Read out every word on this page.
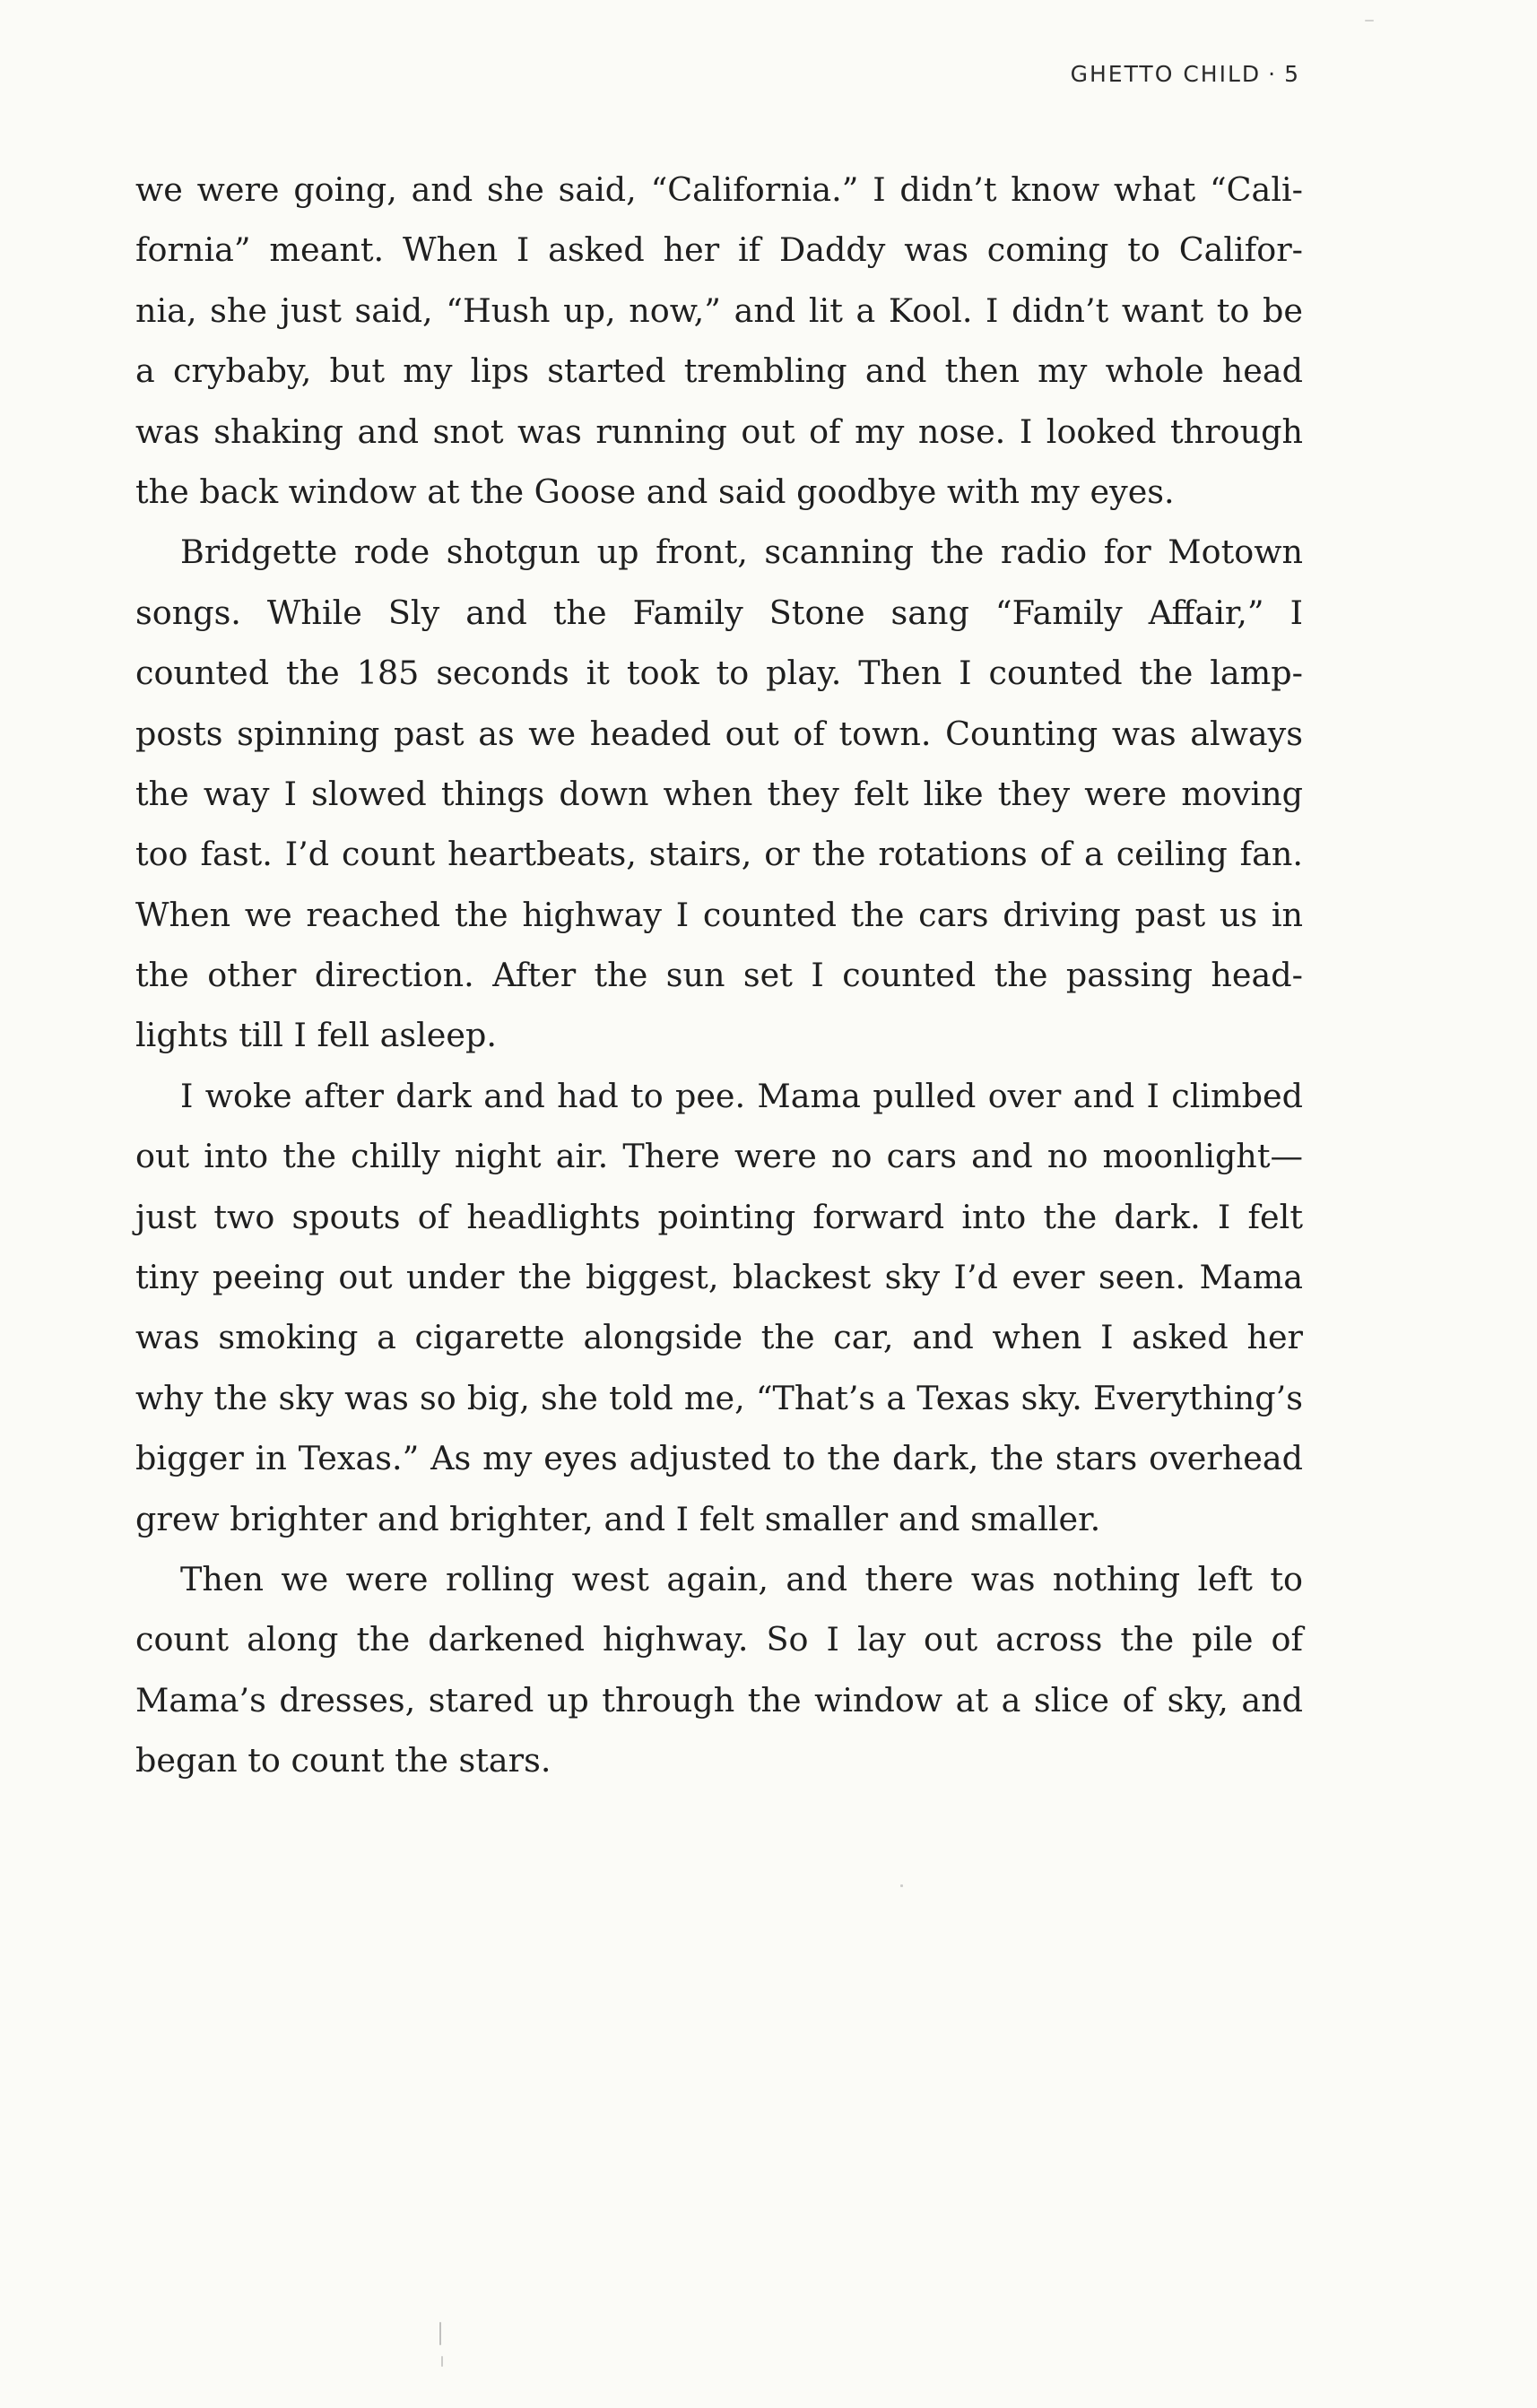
GHETTO CHILD · 5
we were going, and she said, “California.” I didn’t know what “Cali-
fornia” meant. When I asked her if Daddy was coming to Califor-
nia, she just said, “Hush up, now,” and lit a Kool. I didn’t want to be
a crybaby, but my lips started trembling and then my whole head
was shaking and snot was running out of my nose. I looked through
the back window at the Goose and said goodbye with my eyes.
Bridgette rode shotgun up front, scanning the radio for Motown
songs. While Sly and the Family Stone sang “Family Affair,” I
counted the 185 seconds it took to play. Then I counted the lamp-
posts spinning past as we headed out of town. Counting was always
the way I slowed things down when they felt like they were moving
too fast. I’d count heartbeats, stairs, or the rotations of a ceiling fan.
When we reached the highway I counted the cars driving past us in
the other direction. After the sun set I counted the passing head-
lights till I fell asleep.
I woke after dark and had to pee. Mama pulled over and I climbed
out into the chilly night air. There were no cars and no moonlight—
just two spouts of headlights pointing forward into the dark. I felt
tiny peeing out under the biggest, blackest sky I’d ever seen. Mama
was smoking a cigarette alongside the car, and when I asked her
why the sky was so big, she told me, “That’s a Texas sky. Everything’s
bigger in Texas.” As my eyes adjusted to the dark, the stars overhead
grew brighter and brighter, and I felt smaller and smaller.
Then we were rolling west again, and there was nothing left to
count along the darkened highway. So I lay out across the pile of
Mama’s dresses, stared up through the window at a slice of sky, and
began to count the stars.
